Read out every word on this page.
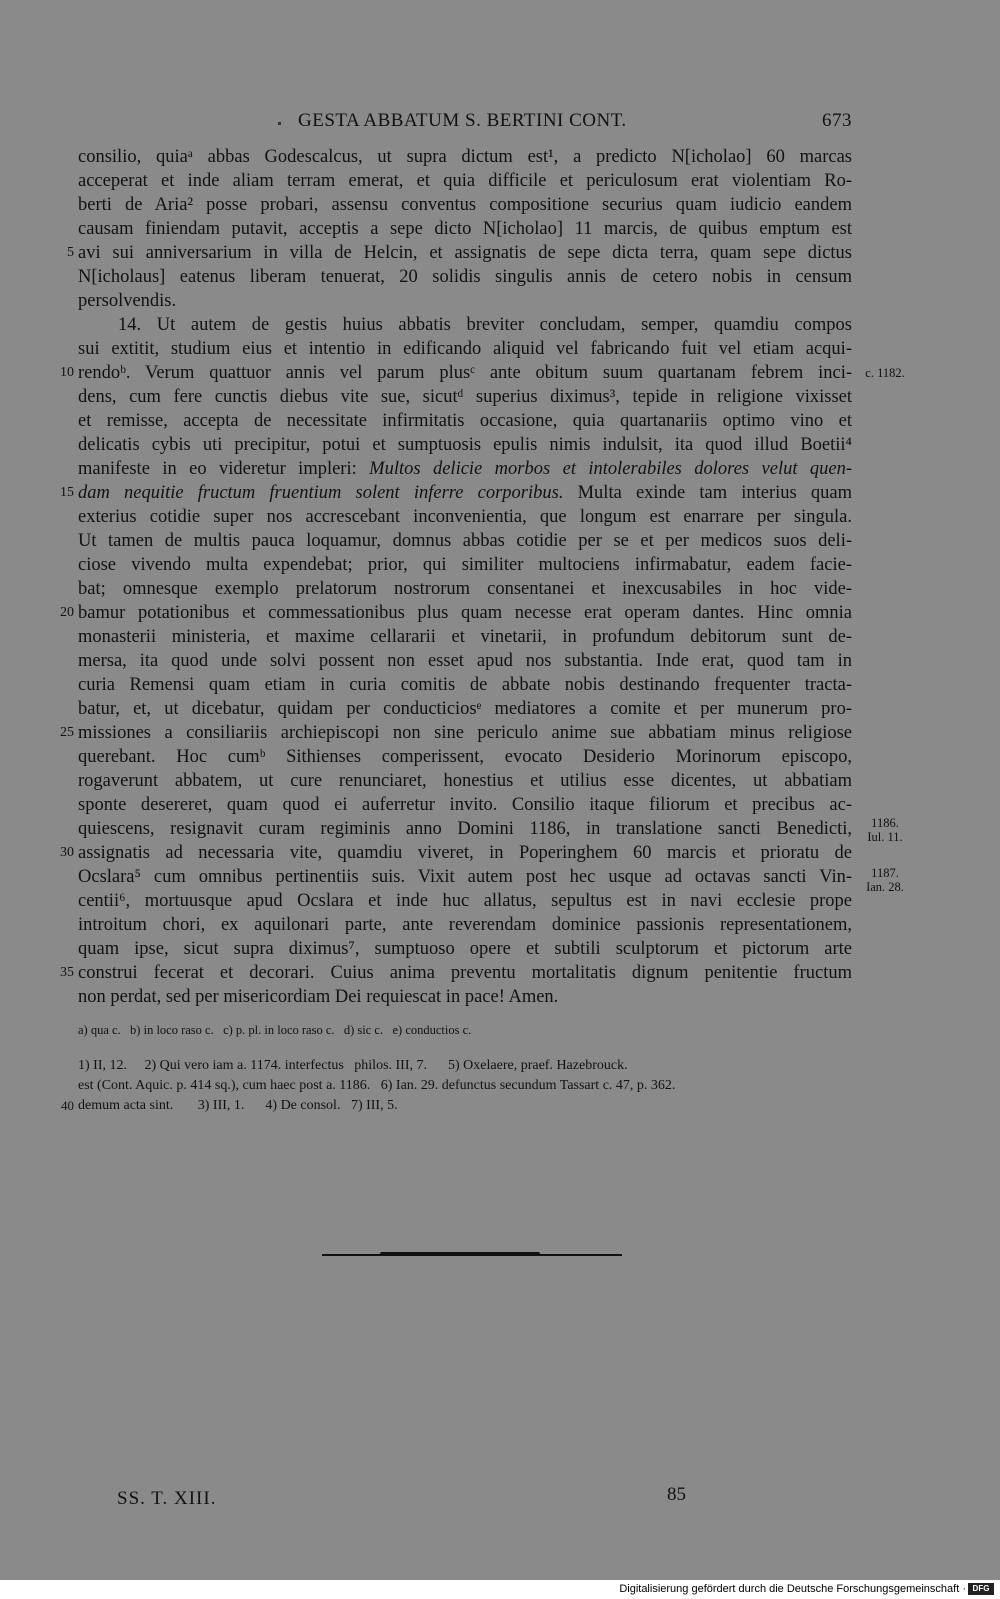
GESTA ABBATUM S. BERTINI CONT.	673
consilio, quiaᵃ abbas Godescalcus, ut supra dictum est¹, a predicto N[icholao] 60 marcas
acceperat et inde aliam terram emerat, et quia difficile et periculosum erat violentiam Ro-
berti de Aria² posse probari, assensu conventus compositione securius quam iudicio eandem
causam finiendam putavit, acceptis a sepe dicto N[icholao] 11 marcis, de quibus emptum est
avi sui anniversarium in villa de Helcin, et assignatis de sepe dicta terra, quam sepe dictus
N[icholaus] eatenus liberam tenuerat, 20 solidis singulis annis de cetero nobis in censum
persolvendis.
14. Ut autem de gestis huius abbatis breviter concludam, semper, quamdiu compos
sui extitit, studium eius et intentio in edificando aliquid vel fabricando fuit vel etiam acqui-
rendoᵇ. Verum quattuor annis vel parum plusᶜ ante obitum suum quartanam febrem inci-
dens, cum fere cunctis diebus vite sue, sicutᵈ superius diximus³, tepide in religione vixisset
et remisse, accepta de necessitate infirmitatis occasione, quia quartanariis optimo vino et
delicatis cybis uti precipitur, potui et sumptuosis epulis nimis indulsit, ita quod illud Boetii⁴
manifeste in eo videretur impleri: Multos delicie morbos et intolerabiles dolores velut quen-
dam nequitie fructum fruentium solent inferre corporibus. Multa exinde tam interius quam
exterius cotidie super nos accrescebant inconvenientia, que longum est enarrare per singula.
Ut tamen de multis pauca loquamur, domnus abbas cotidie per se et per medicos suos deli-
ciose vivendo multa expendebat; prior, qui similiter multociens infirmabatur, eadem facie-
bat; omnesque exemplo prelatorum nostrorum consentanei et inexcusabiles in hoc vide-
bamur potationibus et commessationibus plus quam necesse erat operam dantes. Hinc omnia
monasterii ministeria, et maxime cellararii et vinetarii, in profundum debitorum sunt de-
mersa, ita quod unde solvi possent non esset apud nos substantia. Inde erat, quod tam in
curia Remensi quam etiam in curia comitis de abbate nobis destinando frequenter tracta-
batur, et, ut dicebatur, quidam per conducticiosᵉ mediatores a comite et per munerum pro-
missiones a consiliariis archiepiscopi non sine periculo anime sue abbatiam minus religiose
querebant. Hoc cumᵇ Sithienses comperissent, evocato Desiderio Morinorum episcopo,
rogaverunt abbatem, ut cure renunciaret, honestius et utilius esse dicentes, ut abbatiam
sponte desereret, quam quod ei auferretur invito. Consilio itaque filiorum et precibus ac-
quiescens, resignavit curam regiminis anno Domini 1186, in translatione sancti Benedicti,
assignatis ad necessaria vite, quamdiu viveret, in Poperinghem 60 marcis et prioratu de
Ocslara⁵ cum omnibus pertinentiis suis. Vixit autem post hec usque ad octavas sancti Vin-
centii⁶, mortuusque apud Ocslara et inde huc allatus, sepultus est in navi ecclesie prope
introitum chori, ex aquilonari parte, ante reverendam dominice passionis representationem,
quam ipse, sicut supra diximus⁷, sumptuoso opere et subtili sculptorum et pictorum arte
construi fecerat et decorari. Cuius anima preventu mortalitatis dignum penitentie fructum
non perdat, sed per misericordiam Dei requiescat in pace! Amen.
5
10
15
20
25
30
35
40
c. 1182.
1186.
Iul. 11.
1187.
Ian. 28.
a) qua c.   b) in loco raso c.   c) p. pl. in loco raso c.   d) sic c.   e) conductios c.
1) II, 12.     2) Qui vero iam a. 1174. interfectus   philos. III, 7.      5) Oxelaere, praef. Hazebrouck.
est (Cont. Aquic. p. 414 sq.), cum haec post a. 1186.   6) Ian. 29. defunctus secundum Tassart c. 47, p. 362.
demum acta sint.       3) III, 1.      4) De consol.   7) III, 5.
SS. T. XIII.	85
Digitalisierung gefördert durch die Deutsche Forschungsgemeinschaft · DFG
